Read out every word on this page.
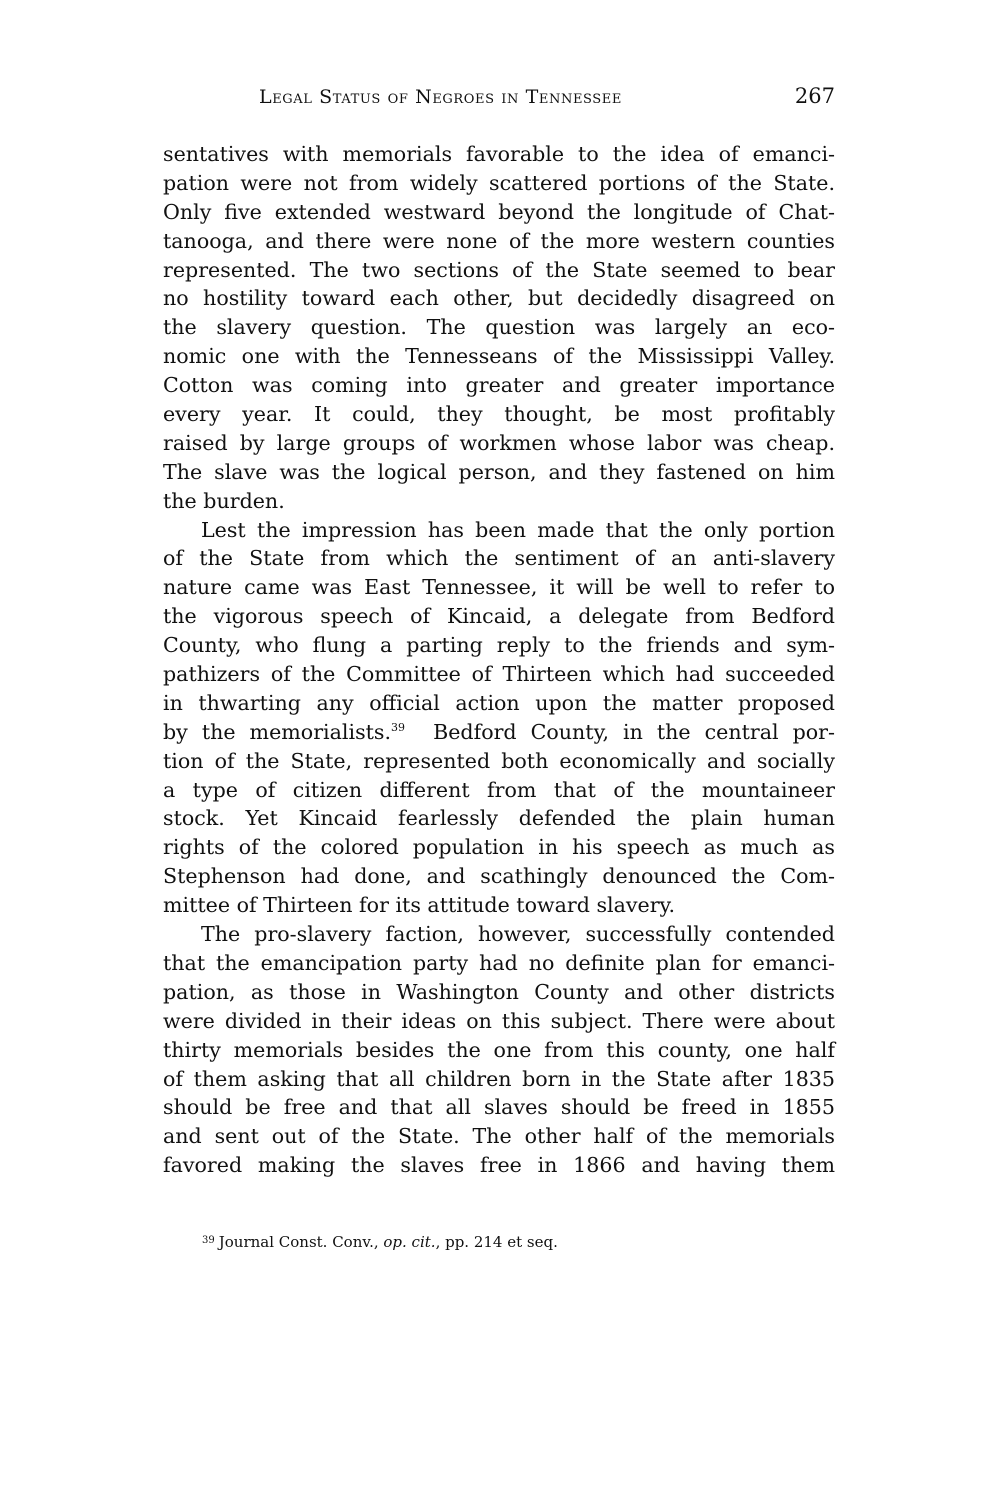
Legal Status of Negroes in Tennessee	267
sentatives with memorials favorable to the idea of emanci-
pation were not from widely scattered portions of the State.
Only five extended westward beyond the longitude of Chat-
tanooga, and there were none of the more western counties
represented. The two sections of the State seemed to bear
no hostility toward each other, but decidedly disagreed on
the slavery question. The question was largely an eco-
nomic one with the Tennesseans of the Mississippi Valley.
Cotton was coming into greater and greater importance
every year. It could, they thought, be most profitably
raised by large groups of workmen whose labor was cheap.
The slave was the logical person, and they fastened on him
the burden.
Lest the impression has been made that the only portion
of the State from which the sentiment of an anti-slavery
nature came was East Tennessee, it will be well to refer to
the vigorous speech of Kincaid, a delegate from Bedford
County, who flung a parting reply to the friends and sym-
pathizers of the Committee of Thirteen which had succeeded
in thwarting any official action upon the matter proposed
by the memorialists.$^{39}$  Bedford County, in the central por-
tion of the State, represented both economically and socially
a type of citizen different from that of the mountaineer
stock. Yet Kincaid fearlessly defended the plain human
rights of the colored population in his speech as much as
Stephenson had done, and scathingly denounced the Com-
mittee of Thirteen for its attitude toward slavery.
The pro-slavery faction, however, successfully contended
that the emancipation party had no definite plan for emanci-
pation, as those in Washington County and other districts
were divided in their ideas on this subject. There were about
thirty memorials besides the one from this county, one half
of them asking that all children born in the State after 1835
should be free and that all slaves should be freed in 1855
and sent out of the State. The other half of the memorials
favored making the slaves free in 1866 and having them
$^{39}$ Journal Const. Conv., op. cit., pp. 214 et seq.
